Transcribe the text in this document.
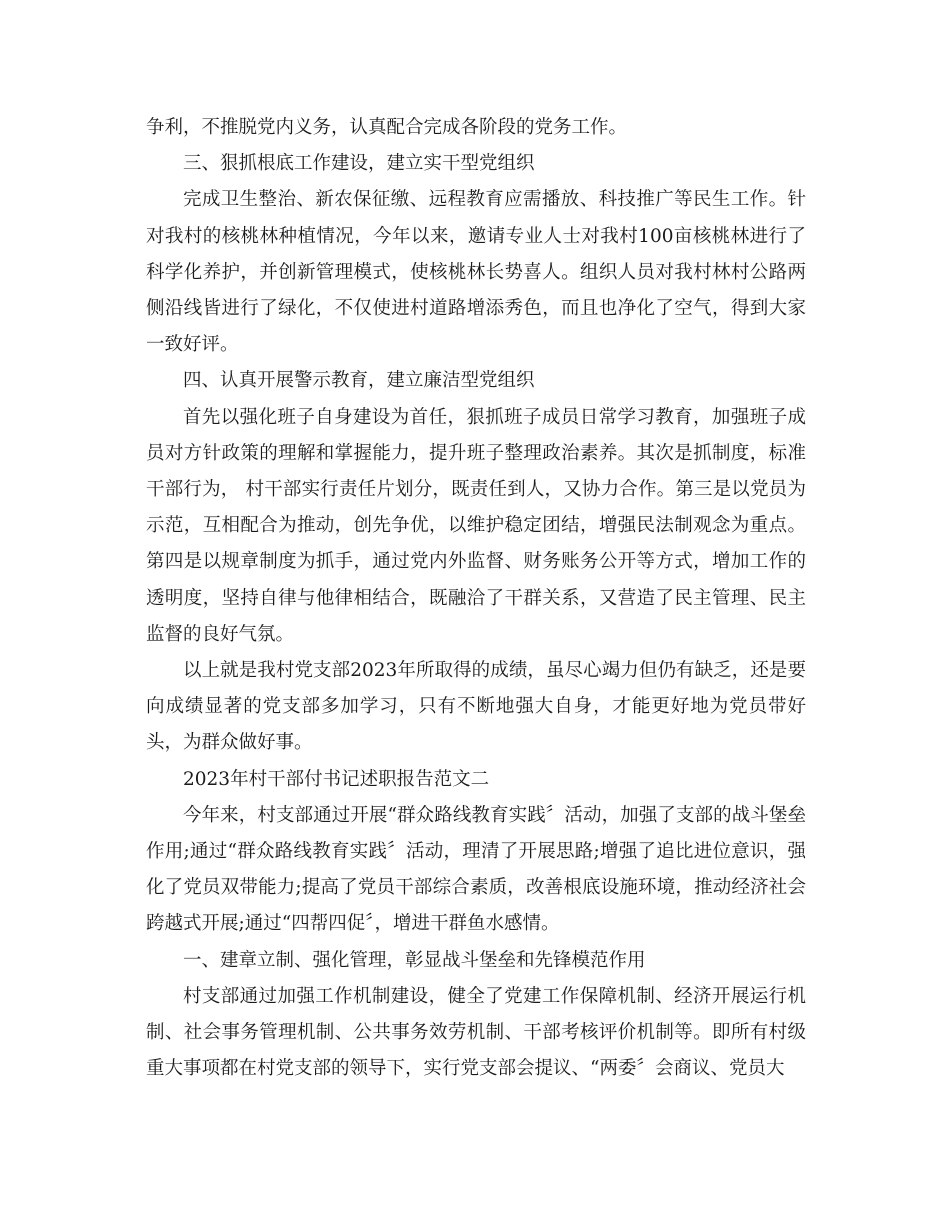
争利，不推脱党内义务，认真配合完成各阶段的党务工作。

三、狠抓根底工作建设，建立实干型党组织

完成卫生整治、新农保征缴、远程教育应需播放、科技推广等民生工作。针对我村的核桃林种植情况，今年以来，邀请专业人士对我村100亩核桃林进行了科学化养护，并创新管理模式，使核桃林长势喜人。组织人员对我村林村公路两侧沿线皆进行了绿化，不仅使进村道路增添秀色，而且也净化了空气，得到大家一致好评。

四、认真开展警示教育，建立廉洁型党组织

首先以强化班子自身建设为首任，狠抓班子成员日常学习教育，加强班子成员对方针政策的理解和掌握能力，提升班子整理政治素养。其次是抓制度，标准干部行为， 村干部实行责任片划分，既责任到人，又协力合作。第三是以党员为示范，互相配合为推动，创先争优，以维护稳定团结，增强民法制观念为重点。第四是以规章制度为抓手，通过党内外监督、财务账务公开等方式，增加工作的透明度，坚持自律与他律相结合，既融洽了干群关系，又营造了民主管理、民主监督的良好气氛。

以上就是我村党支部2023年所取得的成绩，虽尽心竭力但仍有缺乏，还是要向成绩显著的党支部多加学习，只有不断地强大自身，才能更好地为党员带好头，为群众做好事。

2023年村干部付书记述职报告范文二

今年来，村支部通过开展“群众路线教育实践〞活动，加强了支部的战斗堡垒作用;通过“群众路线教育实践〞活动，理清了开展思路;增强了追比进位意识，强化了党员双带能力;提高了党员干部综合素质，改善根底设施环境，推动经济社会跨越式开展;通过“四帮四促〞，增进干群鱼水感情。

一、建章立制、强化管理，彰显战斗堡垒和先锋模范作用

村支部通过加强工作机制建设，健全了党建工作保障机制、经济开展运行机制、社会事务管理机制、公共事务效劳机制、干部考核评价机制等。即所有村级重大事项都在村党支部的领导下，实行党支部会提议、“两委〞会商议、党员大
